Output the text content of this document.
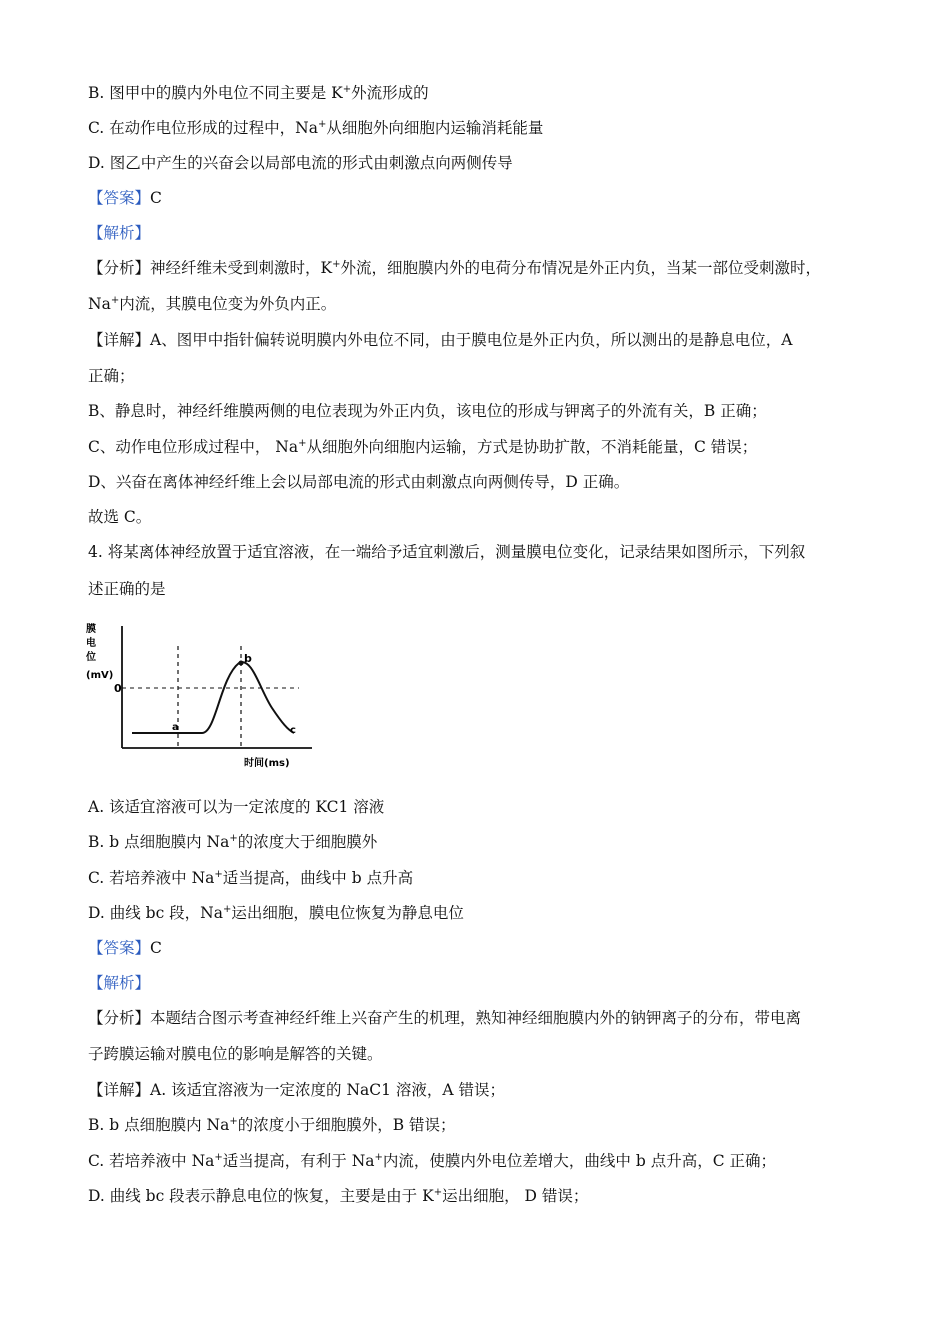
B. 图甲中的膜内外电位不同主要是 K+外流形成的
C. 在动作电位形成的过程中，Na+从细胞外向细胞内运输消耗能量
D. 图乙中产生的兴奋会以局部电流的形式由刺激点向两侧传导
【答案】C
【解析】
【分析】神经纤维未受到刺激时，K+外流，细胞膜内外的电荷分布情况是外正内负，当某一部位受刺激时，
Na+内流，其膜电位变为外负内正。
【详解】A、图甲中指针偏转说明膜内外电位不同，由于膜电位是外正内负，所以测出的是静息电位，A
正确；
B、静息时，神经纤维膜两侧的电位表现为外正内负，该电位的形成与钾离子的外流有关，B 正确；
C、动作电位形成过程中， Na+从细胞外向细胞内运输，方式是协助扩散，不消耗能量，C 错误；
D、兴奋在离体神经纤维上会以局部电流的形式由刺激点向两侧传导，D 正确。
故选 C。
4. 将某离体神经放置于适宜溶液，在一端给予适宜刺激后，测量膜电位变化，记录结果如图所示，下列叙
述正确的是
膜
电
位
(mV)
0
a
b
c
时间(ms)
A. 该适宜溶液可以为一定浓度的 KC1 溶液
B. b 点细胞膜内 Na+的浓度大于细胞膜外
C. 若培养液中 Na+适当提高，曲线中 b 点升高
D. 曲线 bc 段，Na+运出细胞，膜电位恢复为静息电位
【答案】C
【解析】
【分析】本题结合图示考查神经纤维上兴奋产生的机理，熟知神经细胞膜内外的钠钾离子的分布，带电离
子跨膜运输对膜电位的影响是解答的关键。
【详解】A. 该适宜溶液为一定浓度的 NaC1 溶液，A 错误；
B. b 点细胞膜内 Na+的浓度小于细胞膜外，B 错误；
C. 若培养液中 Na+适当提高，有利于 Na+内流，使膜内外电位差增大，曲线中 b 点升高，C 正确；
D. 曲线 bc 段表示静息电位的恢复，主要是由于 K+运出细胞， D 错误；
